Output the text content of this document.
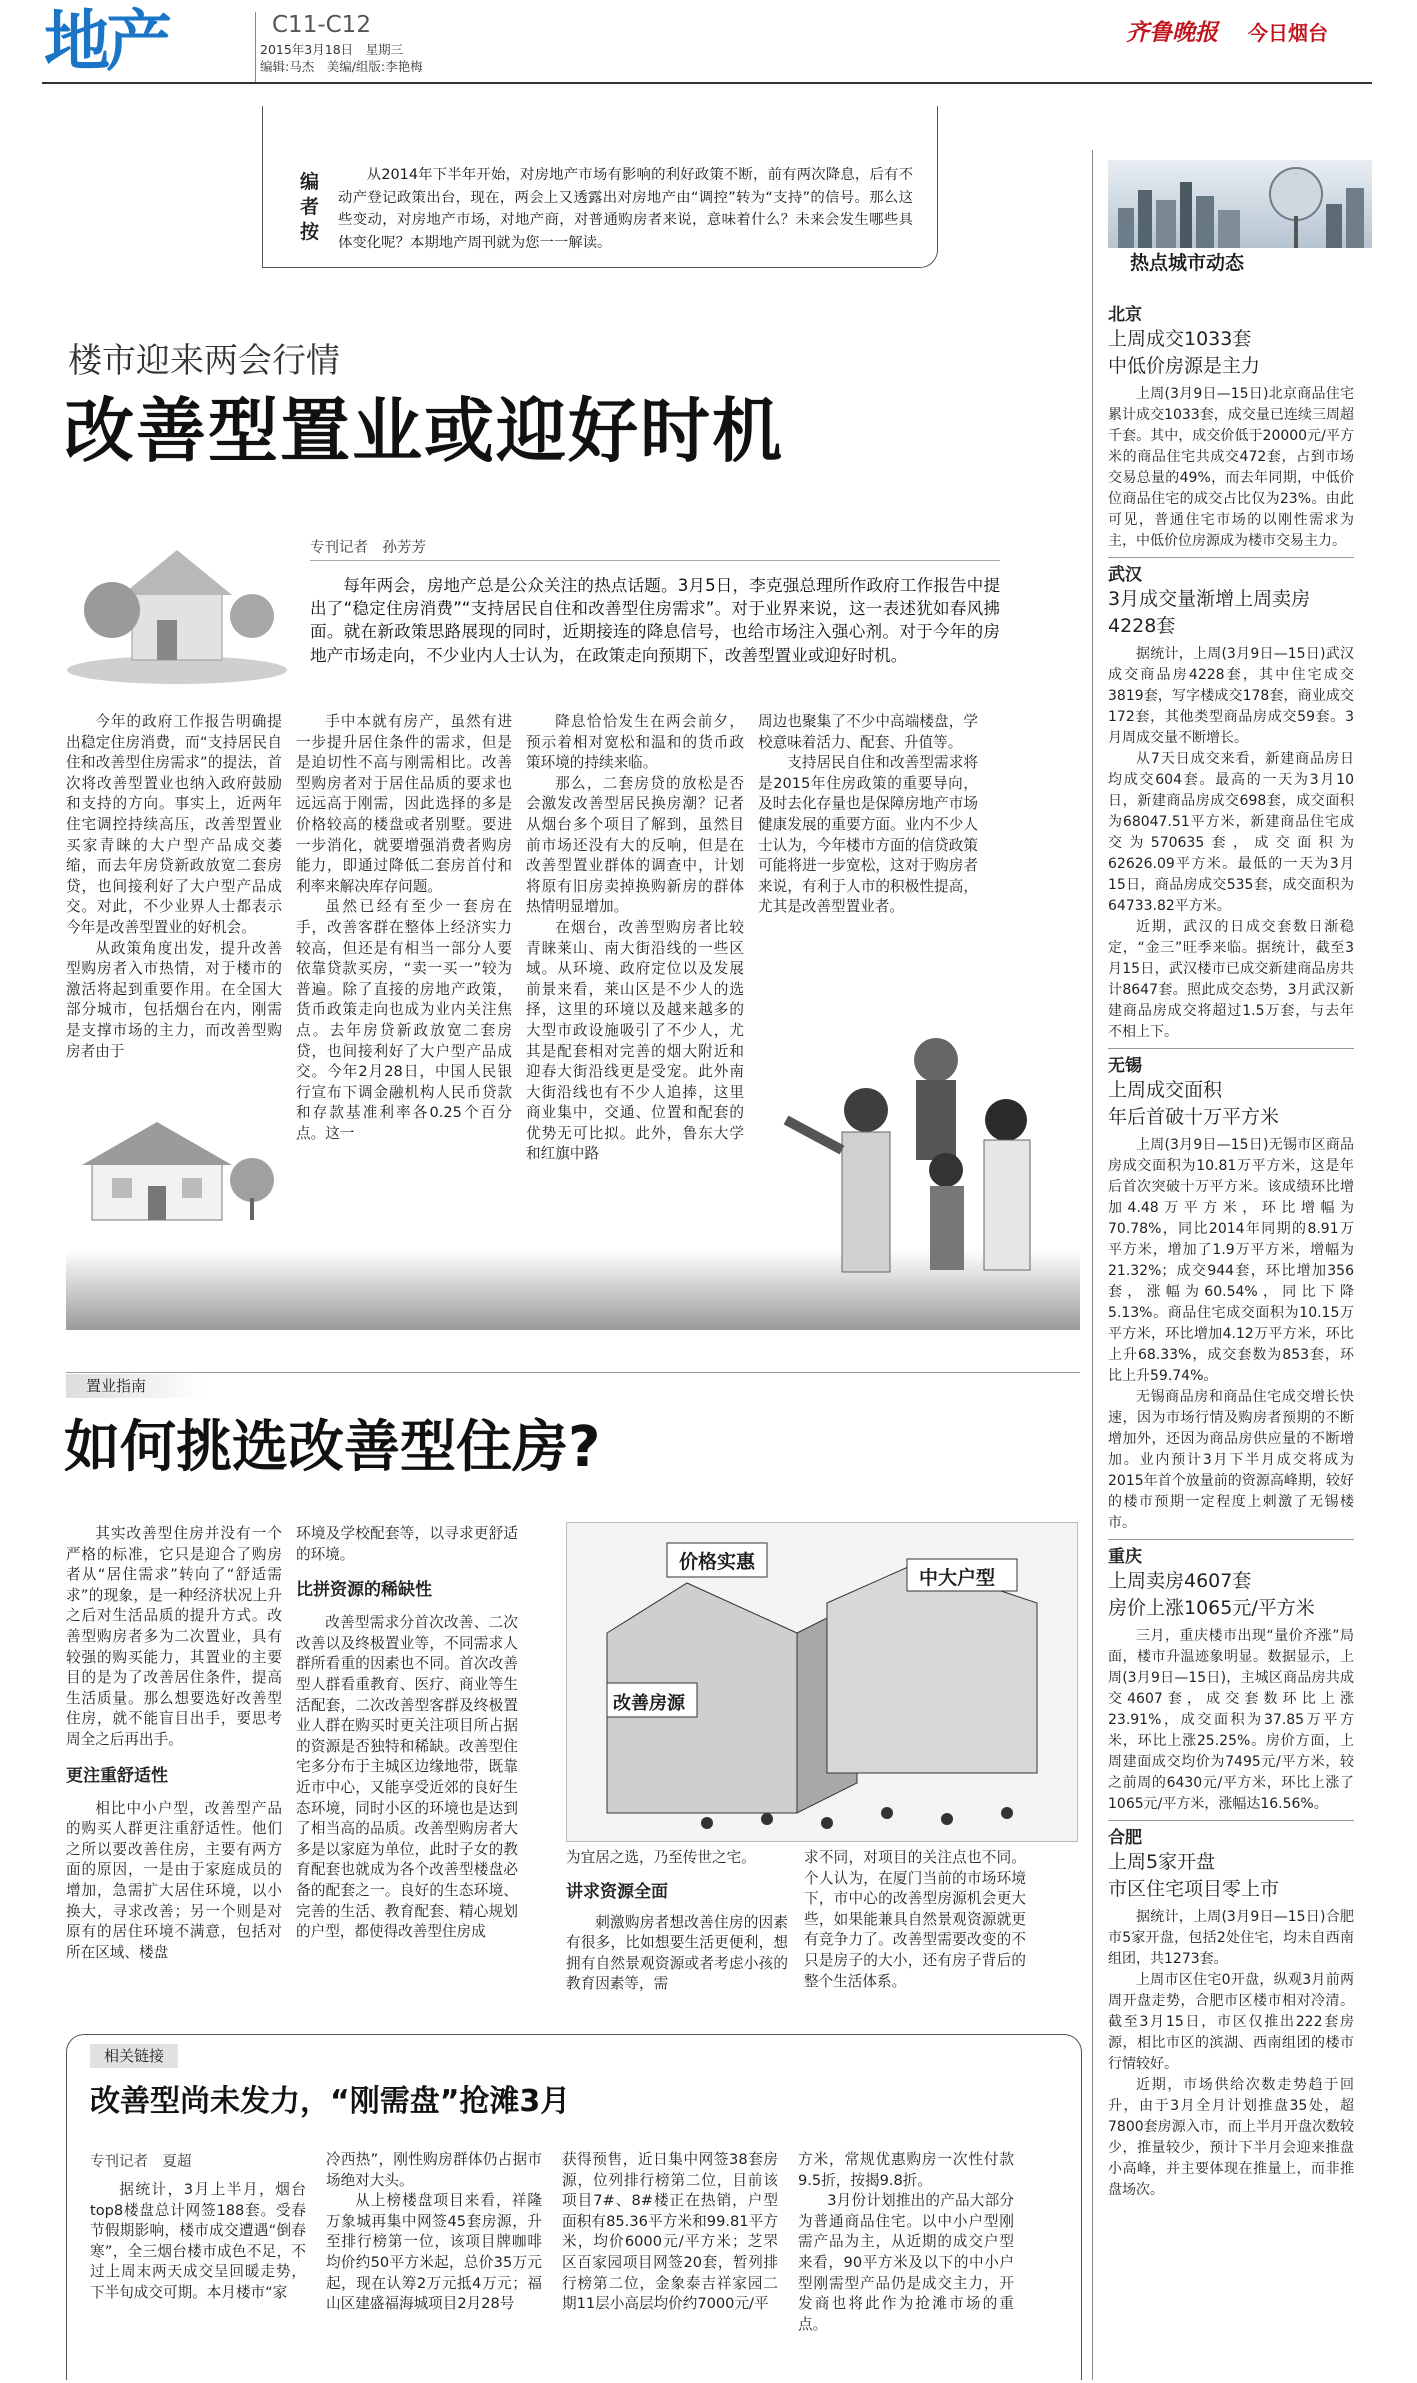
地产	C11-C12
2015年3月18日　星期三
编辑:马杰　美编/组版:李艳梅
齐鲁晚报 今日烟台
编者按
从2014年下半年开始，对房地产市场有影响的利好政策不断，前有两次降息，后有不动产登记政策出台，现在，两会上又透露出对房地产由“调控”转为“支持”的信号。那么这些变动，对房地产市场，对地产商，对普通购房者来说，意味着什么？未来会发生哪些具体变化呢？本期地产周刊就为您一一解读。
热点城市动态
北京
上周成交1033套
中低价房源是主力

上周(3月9日—15日)北京商品住宅累计成交1033套，成交量已连续三周超千套。其中，成交价低于20000元/平方米的商品住宅共成交472套，占到市场交易总量的49%，而去年同期，中低价位商品住宅的成交占比仅为23%。由此可见，普通住宅市场的以刚性需求为主，中低价位房源成为楼市交易主力。

武汉
3月成交量渐增上周卖房
4228套

据统计，上周(3月9日—15日)武汉成交商品房4228套，其中住宅成交3819套，写字楼成交178套，商业成交172套，其他类型商品房成交59套。3月周成交量不断增长。

从7天日成交来看，新建商品房日均成交604套。最高的一天为3月10日，新建商品房成交698套，成交面积为68047.51平方米，新建商品住宅成交为570635套，成交面积为62626.09平方米。最低的一天为3月15日，商品房成交535套，成交面积为64733.82平方米。

近期，武汉的日成交套数日渐稳定，“金三”旺季来临。据统计，截至3月15日，武汉楼市已成交新建商品房共计8647套。照此成交态势，3月武汉新建商品房成交将超过1.5万套，与去年不相上下。

无锡
上周成交面积
年后首破十万平方米

上周(3月9日—15日)无锡市区商品房成交面积为10.81万平方米，这是年后首次突破十万平方米。该成绩环比增加4.48万平方米，环比增幅为70.78%，同比2014年同期的8.91万平方米，增加了1.9万平方米，增幅为21.32%；成交944套，环比增加356套，涨幅为60.54%，同比下降5.13%。商品住宅成交面积为10.15万平方米，环比增加4.12万平方米，环比上升68.33%，成交套数为853套，环比上升59.74%。

无锡商品房和商品住宅成交增长快速，因为市场行情及购房者预期的不断增加外，还因为商品房供应量的不断增加。业内预计3月下半月成交将成为2015年首个放量前的资源高峰期，较好的楼市预期一定程度上刺激了无锡楼市。

重庆
上周卖房4607套
房价上涨1065元/平方米

三月，重庆楼市出现“量价齐涨”局面，楼市升温迹象明显。数据显示，上周(3月9日—15日)，主城区商品房共成交4607套，成交套数环比上涨23.91%，成交面积为37.85万平方米，环比上涨25.25%。房价方面，上周建面成交均价为7495元/平方米，较之前周的6430元/平方米，环比上涨了1065元/平方米，涨幅达16.56%。

合肥
上周5家开盘
市区住宅项目零上市

据统计，上周(3月9日—15日)合肥市5家开盘，包括2处住宅，均未自西南组团，共1273套。

上周市区住宅0开盘，纵观3月前两周开盘走势，合肥市区楼市相对冷清。截至3月15日，市区仅推出222套房源，相比市区的滨湖、西南组团的楼市行情较好。

近期，市场供给次数走势趋于回升，由于3月全月计划推盘35处，超7800套房源入市，而上半月开盘次数较少，推量较少，预计下半月会迎来推盘小高峰，并主要体现在推量上，而非推盘场次。

楼市迎来两会行情
改善型置业或迎好时机
专刊记者　孙芳芳
每年两会，房地产总是公众关注的热点话题。3月5日，李克强总理所作政府工作报告中提出了“稳定住房消费”“支持居民自住和改善型住房需求”。对于业界来说，这一表述犹如春风拂面。就在新政策思路展现的同时，近期接连的降息信号，也给市场注入强心剂。对于今年的房地产市场走向，不少业内人士认为，在政策走向预期下，改善型置业或迎好时机。

今年的政府工作报告明确提出稳定住房消费，而“支持居民自住和改善型住房需求”的提法，首次将改善型置业也纳入政府鼓励和支持的方向。事实上，近两年住宅调控持续高压，改善型置业买家青睐的大户型产品成交萎缩，而去年房贷新政放宽二套房贷，也间接利好了大户型产品成交。对此，不少业界人士都表示今年是改善型置业的好机会。

从政策角度出发，提升改善型购房者入市热情，对于楼市的激活将起到重要作用。在全国大部分城市，包括烟台在内，刚需是支撑市场的主力，而改善型购房者由于

手中本就有房产，虽然有进一步提升居住条件的需求，但是是迫切性不高与刚需相比。改善型购房者对于居住品质的要求也远远高于刚需，因此选择的多是价格较高的楼盘或者别墅。要进一步消化，就要增强消费者购房能力，即通过降低二套房首付和利率来解决库存问题。

虽然已经有至少一套房在手，改善客群在整体上经济实力较高，但还是有相当一部分人要依靠贷款买房，“卖一买一”较为普遍。除了直接的房地产政策，货币政策走向也成为业内关注焦点。去年房贷新政放宽二套房贷，也间接利好了大户型产品成交。今年2月28日，中国人民银行宣布下调金融机构人民币贷款和存款基准利率各0.25个百分点。这一

降息恰恰发生在两会前夕，预示着相对宽松和温和的货币政策环境的持续来临。

那么，二套房贷的放松是否会激发改善型居民换房潮？记者从烟台多个项目了解到，虽然目前市场还没有大的反响，但是在改善型置业群体的调查中，计划将原有旧房卖掉换购新房的群体热情明显增加。

在烟台，改善型购房者比较青睐莱山、南大街沿线的一些区域。从环境、政府定位以及发展前景来看，莱山区是不少人的选择，这里的环境以及越来越多的大型市政设施吸引了不少人，尤其是配套相对完善的烟大附近和迎春大街沿线更是受宠。此外南大街沿线也有不少人追捧，这里商业集中，交通、位置和配套的优势无可比拟。此外，鲁东大学和红旗中路

周边也聚集了不少中高端楼盘，学校意味着活力、配套、升值等。

支持居民自住和改善型需求将是2015年住房政策的重要导向，及时去化存量也是保障房地产市场健康发展的重要方面。业内不少人士认为，今年楼市方面的信贷政策可能将进一步宽松，这对于购房者来说，有利于人市的积极性提高，尤其是改善型置业者。

置业指南
如何挑选改善型住房?

其实改善型住房并没有一个严格的标准，它只是迎合了购房者从“居住需求”转向了“舒适需求”的现象，是一种经济状况上升之后对生活品质的提升方式。改善型购房者多为二次置业，具有较强的购买能力，其置业的主要目的是为了改善居住条件，提高生活质量。那么想要选好改善型住房，就不能盲目出手，要思考周全之后再出手。

更注重舒适性

相比中小户型，改善型产品的购买人群更注重舒适性。他们之所以要改善住房，主要有两方面的原因，一是由于家庭成员的增加，急需扩大居住环境，以小换大，寻求改善；另一个则是对原有的居住环境不满意，包括对所在区域、楼盘

环境及学校配套等，以寻求更舒适的环境。

比拼资源的稀缺性

改善型需求分首次改善、二次改善以及终极置业等，不同需求人群所看重的因素也不同。首次改善型人群看重教育、医疗、商业等生活配套，二次改善型客群及终极置业人群在购买时更关注项目所占据的资源是否独特和稀缺。改善型住宅多分布于主城区边缘地带，既靠近市中心，又能享受近郊的良好生态环境，同时小区的环境也是达到了相当高的品质。改善型购房者大多是以家庭为单位，此时子女的教育配套也就成为各个改善型楼盘必备的配套之一。良好的生态环境、完善的生活、教育配套、精心规划的户型，都使得改善型住房成

价格实惠
中大户型
改善房源

为宜居之选，乃至传世之宅。

讲求资源全面

刺激购房者想改善住房的因素有很多，比如想要生活更便利，想拥有自然景观资源或者考虑小孩的教育因素等，需

求不同，对项目的关注点也不同。个人认为，在厦门当前的市场环境下，市中心的改善型房源机会更大些，如果能兼具自然景观资源就更有竞争力了。改善型需要改变的不只是房子的大小，还有房子背后的整个生活体系。

相关链接
改善型尚未发力，“刚需盘”抢滩3月
专刊记者　夏超

据统计，3月上半月，烟台top8楼盘总计网签188套。受春节假期影响，楼市成交遭遇“倒春寒”，全三烟台楼市成色不足，不过上周末两天成交呈回暖走势，下半旬成交可期。本月楼市“家

冷西热”，刚性购房群体仍占据市场绝对大头。

从上榜楼盘项目来看，祥隆万象城再集中网签45套房源，升至排行榜第一位，该项目牌咖啡均价约50平方米起，总价35万元起，现在认筹2万元抵4万元；福山区建盛福海城项目2月28号

获得预售，近日集中网签38套房源，位列排行榜第二位，目前该项目7#、8#楼正在热销，户型面积有85.36平方米和99.81平方米，均价6000元/平方米；芝罘区百家园项目网签20套，暂列排行榜第二位，金象泰吉祥家园二期11层小高层均价约7000元/平

方米，常规优惠购房一次性付款9.5折，按揭9.8折。

3月份计划推出的产品大部分为普通商品住宅。以中小户型刚需产品为主，从近期的成交户型来看，90平方米及以下的中小户型刚需型产品仍是成交主力，开发商也将此作为抢滩市场的重点。
